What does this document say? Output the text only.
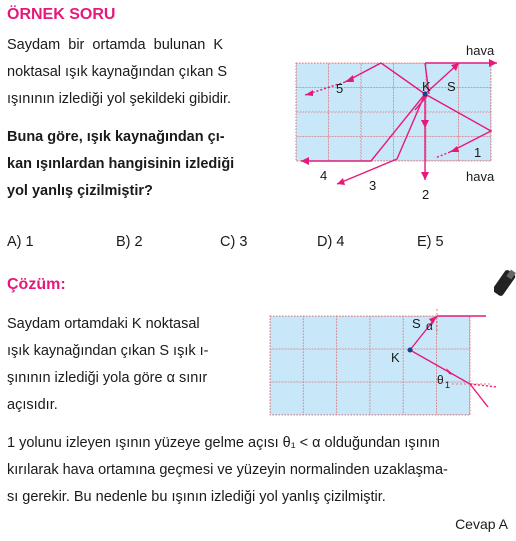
ÖRNEK SORU
Saydam  bir  ortamda  bulunan  K
noktasal ışık kaynağından çıkan S
ışınının izlediği yol şekildeki gibidir.
Buna göre, ışık kaynağından çı-
kan ışınlardan hangisinin izlediği
yol yanlış çizilmiştir?
hava
hava
K S
1
2
3
4
5
A) 1	B) 2	C) 3	D) 4	E) 5
Çözüm:
Saydam ortamdaki K noktasal
ışık kaynağından çıkan S ışık ı-
şınının izlediği yola göre α sınır
açısıdır.
S α
K
θ 1
1 yolunu izleyen ışının yüzeye gelme açısı θ₁ < α olduğundan ışının
kırılarak hava ortamına geçmesi ve yüzeyin normalinden uzaklaşma-
sı gerekir. Bu nedenle bu ışının izlediği yol yanlış çizilmiştir.
Cevap A
